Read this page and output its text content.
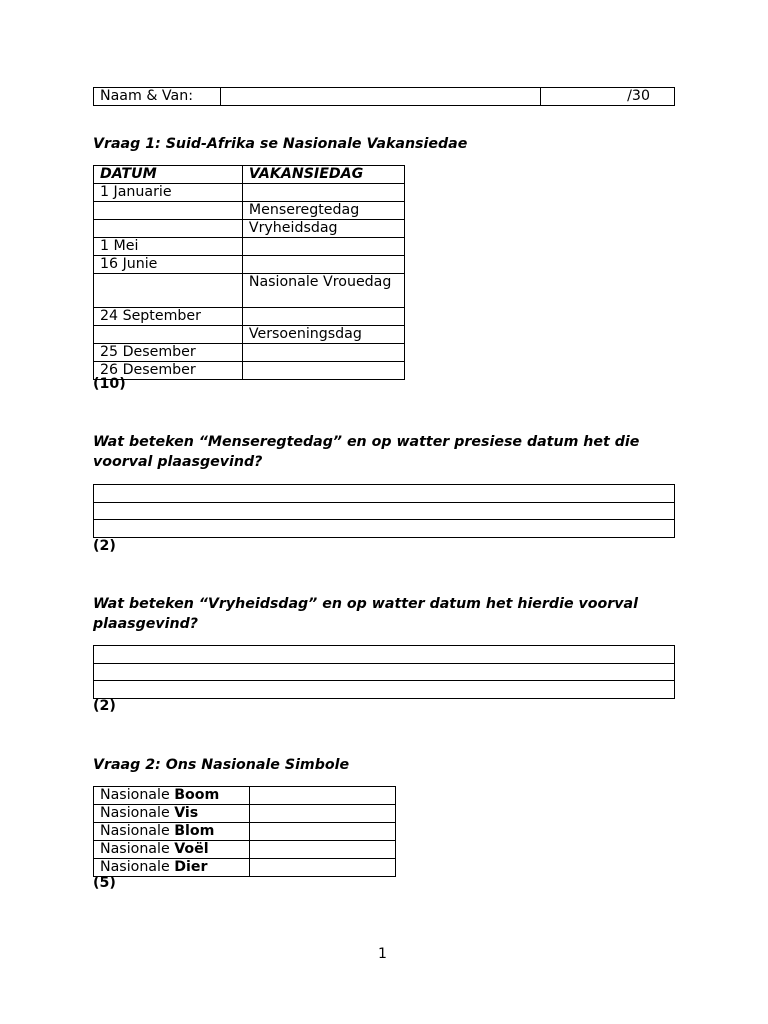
Naam & Van:		/30
Vraag 1: Suid-Afrika se Nasionale Vakansiedae
DATUM	VAKANSIEDAG
1 Januarie	
	Menseregtedag
	Vryheidsdag
1 Mei	
16 Junie	
	Nasionale Vrouedag
24 September	
	Versoeningsdag
25 Desember	
26 Desember	
(10)
Wat beteken “Menseregtedag” en op watter presiese datum het die voorval plaasgevind?

(2)
Wat beteken “Vryheidsdag” en op watter datum het hierdie voorval plaasgevind?

(2)
Vraag 2: Ons Nasionale Simbole
Nasionale Boom	
Nasionale Vis	
Nasionale Blom	
Nasionale Voël	
Nasionale Dier	
(5)
1
